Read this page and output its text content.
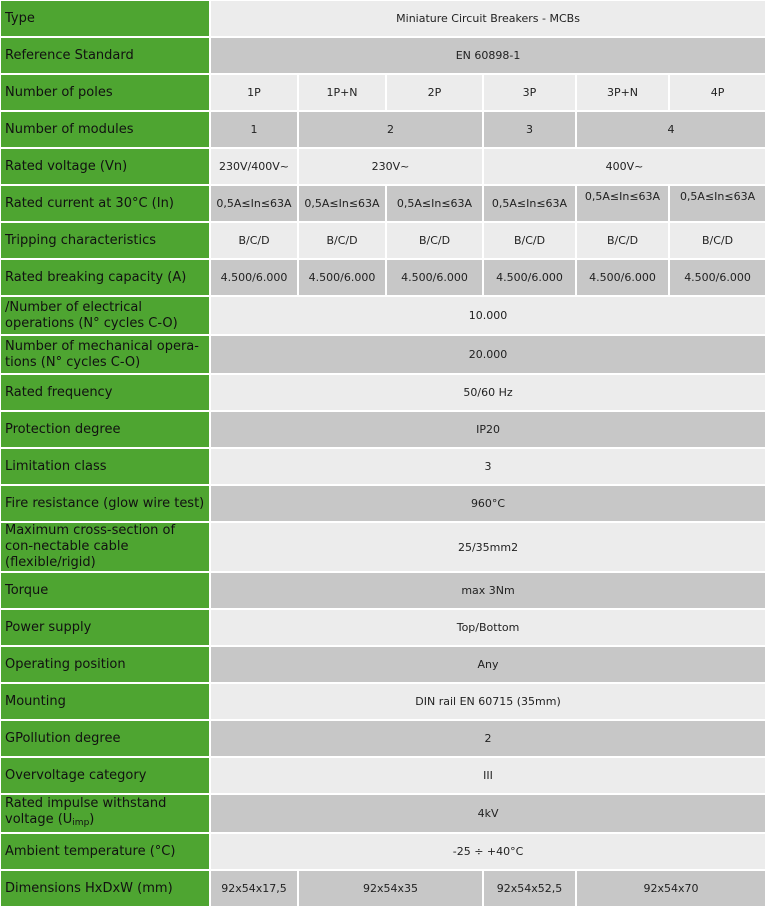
Type	Miniature Circuit Breakers - MCBs					
Reference Standard	EN 60898-1					
Number of poles	1P	1P+N	2P	3P	3P+N	4P
Number of modules	1	2		3	4	
Rated voltage (Vn)	230V/400V~	230V~		400V~		
Rated current at 30°C (In)	0,5A≤In≤63A	0,5A≤In≤63A	0,5A≤In≤63A	0,5A≤In≤63A	0,5A≤In≤63A	0,5A≤In≤63A
Tripping characteristics	B/C/D	B/C/D	B/C/D	B/C/D	B/C/D	B/C/D
Rated breaking capacity (A)	4.500/6.000	4.500/6.000	4.500/6.000	4.500/6.000	4.500/6.000	4.500/6.000
/Number of electrical operations (N° cycles C-O)	10.000					
Number of mechanical opera-tions (N° cycles C-O)	20.000					
Rated frequency	50/60 Hz					
Protection degree	IP20					
Limitation class	3					
Fire resistance (glow wire test)	960°C					
Maximum cross-section of con-nectable cable (flexible/rigid)	25/35mm2					
Torque	max 3Nm					
Power supply	Top/Bottom					
Operating position	Any					
Mounting	DIN rail EN 60715 (35mm)					
GPollution degree	2					
Overvoltage category	III					
Rated impulse withstand voltage $(U_{imp})$	4kV					
Ambient temperature (°C)	-25 ÷ +40°C					
Dimensions HxDxW (mm)	92x54x17,5	92x54x35		92x54x52,5	92x54x70	
